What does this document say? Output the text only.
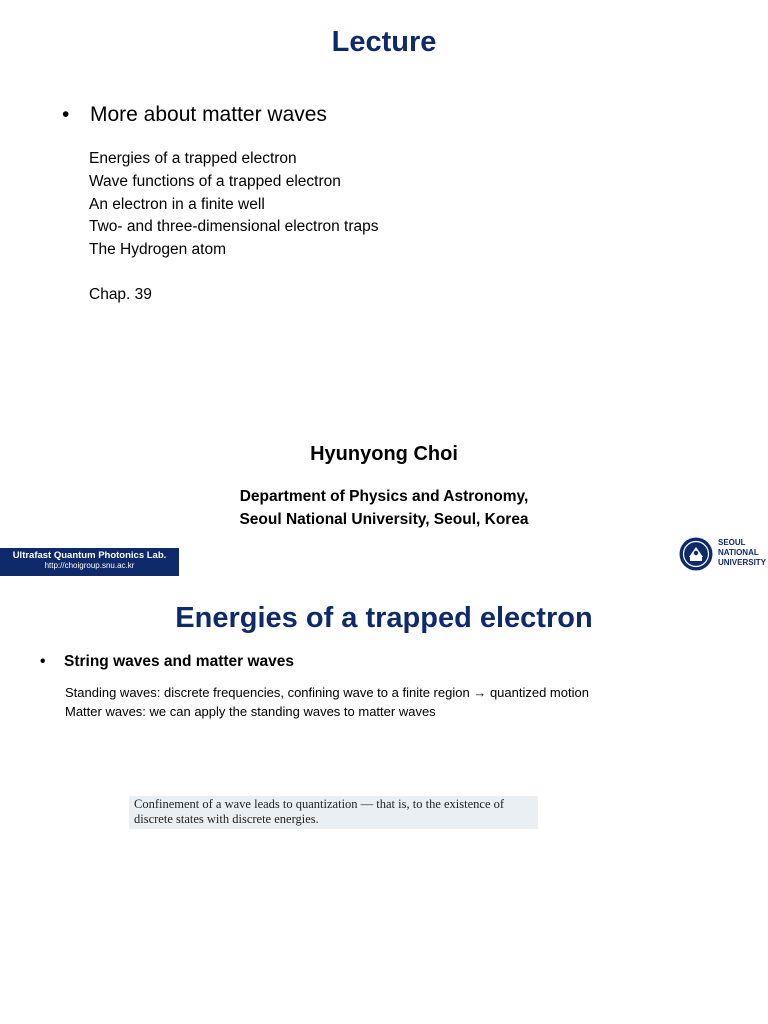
Lecture
• More about matter waves
Energies of a trapped electron
Wave functions of a trapped electron
An electron in a finite well
Two- and three-dimensional electron traps
The Hydrogen atom
Chap. 39
Hyunyong Choi
Department of Physics and Astronomy,
Seoul National University, Seoul, Korea
Ultrafast Quantum Photonics Lab.
http://choigroup.snu.ac.kr
SEOUL
NATIONAL
UNIVERSITY
Energies of a trapped electron
•	String waves and matter waves

Standing waves: discrete frequencies, confining wave to a finite region → quantized motion

Matter waves: we can apply the standing waves to matter waves

Confinement of a wave leads to quantization — that is, to the existence of
discrete states with discrete energies.
